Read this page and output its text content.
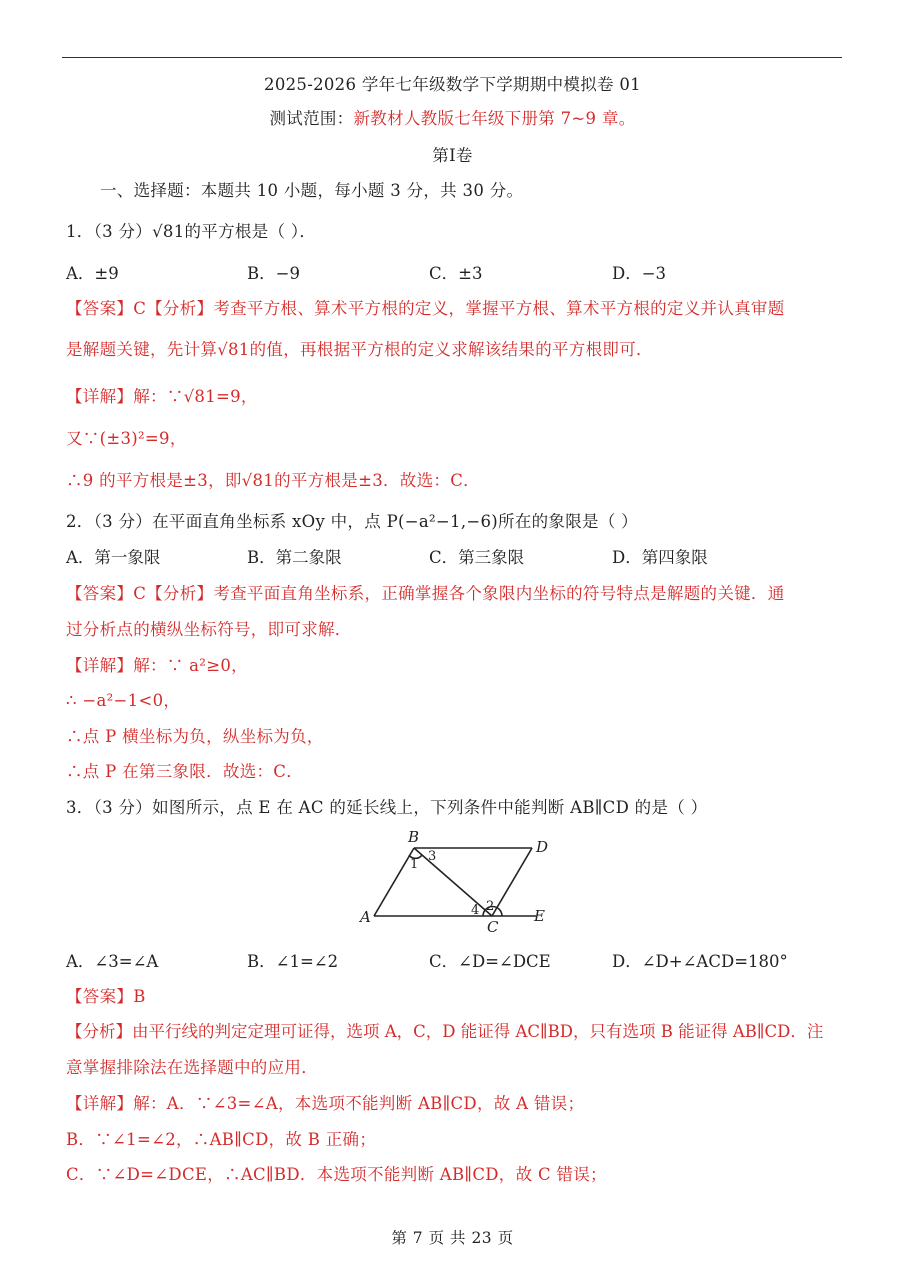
2025-2026 学年七年级数学下学期期中模拟卷 01
测试范围：新教材人教版七年级下册第 7~9 章。
第Ⅰ卷
一、选择题：本题共 10 小题，每小题 3 分，共 30 分。
1．（3 分）√81的平方根是（ ）．
A．±9	B．−9	C．±3	D．−3
【答案】C【分析】考查平方根、算术平方根的定义，掌握平方根、算术平方根的定义并认真审题
是解题关键，先计算√81的值，再根据平方根的定义求解该结果的平方根即可．
【详解】解：∵√81=9，
又∵(±3)²=9，
∴9 的平方根是±3，即√81的平方根是±3．故选：C．
2．（3 分）在平面直角坐标系 xOy 中，点 P(−a²−1,−6)所在的象限是（ ）
A．第一象限	B．第二象限	C．第三象限	D．第四象限
【答案】C【分析】考查平面直角坐标系，正确掌握各个象限内坐标的符号特点是解题的关键．通
过分析点的横纵坐标符号，即可求解．
【详解】解：∵ a²≥0，
∴ −a²−1<0，
∴点 P 横坐标为负，纵坐标为负，
∴点 P 在第三象限．故选：C．
3．（3 分）如图所示，点 E 在 AC 的延长线上，下列条件中能判断 AB∥CD 的是（ ）
B
D
A
C
E
1
3
2
4
A．∠3=∠A	B．∠1=∠2	C．∠D=∠DCE	D．∠D+∠ACD=180°
【答案】B
【分析】由平行线的判定定理可证得，选项 A，C，D 能证得 AC∥BD，只有选项 B 能证得 AB∥CD．注
意掌握排除法在选择题中的应用．
【详解】解：A．∵∠3=∠A，本选项不能判断 AB∥CD，故 A 错误；
B．∵∠1=∠2，∴AB∥CD，故 B 正确；
C．∵∠D=∠DCE，∴AC∥BD．本选项不能判断 AB∥CD，故 C 错误；
第 7 页 共 23 页
